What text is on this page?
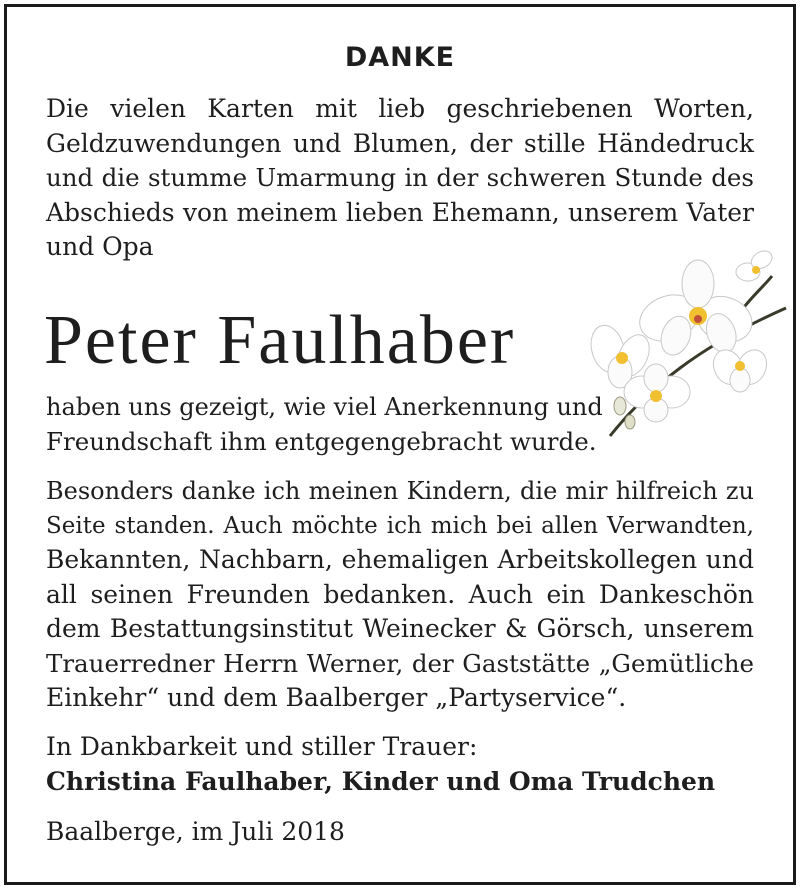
DANKE
Die vielen Karten mit lieb geschriebenen Worten,
Geldzuwendungen und Blumen, der stille Händedruck
und die stumme Umarmung in der schweren Stunde des
Abschieds von meinem lieben Ehemann, unserem Vater
und Opa
Peter Faulhaber
haben uns gezeigt, wie viel Anerkennung und
Freundschaft ihm entgegengebracht wurde.
Besonders danke ich meinen Kindern, die mir hilfreich zu
Seite standen. Auch möchte ich mich bei allen Verwandten,
Bekannten, Nachbarn, ehemaligen Arbeitskollegen und
all seinen Freunden bedanken. Auch ein Dankeschön
dem Bestattungsinstitut Weinecker & Görsch, unserem
Trauerredner Herrn Werner, der Gaststätte „Gemütliche
Einkehr“ und dem Baalberger „Partyservice“.
In Dankbarkeit und stiller Trauer:
Christina Faulhaber, Kinder und Oma Trudchen
Baalberge, im Juli 2018
